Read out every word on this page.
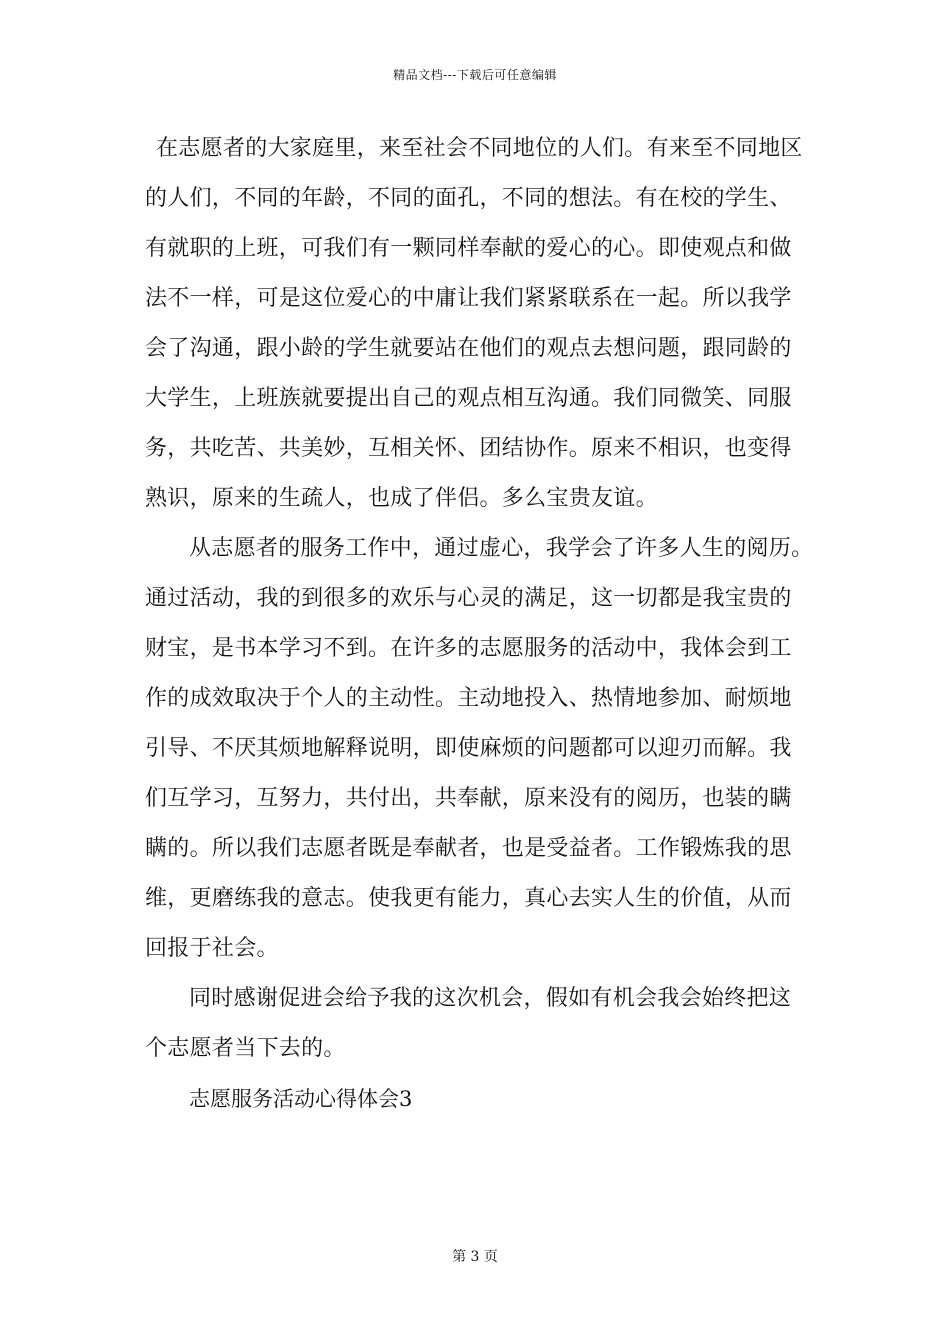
精品文档---下载后可任意编辑
在志愿者的大家庭里，来至社会不同地位的人们。有来至不同地区
的人们，不同的年龄，不同的面孔，不同的想法。有在校的学生、
有就职的上班，可我们有一颗同样奉献的爱心的心。即使观点和做
法不一样，可是这位爱心的中庸让我们紧紧联系在一起。所以我学
会了沟通，跟小龄的学生就要站在他们的观点去想问题，跟同龄的
大学生，上班族就要提出自己的观点相互沟通。我们同微笑、同服
务，共吃苦、共美妙，互相关怀、团结协作。原来不相识，也变得
熟识，原来的生疏人，也成了伴侣。多么宝贵友谊。
从志愿者的服务工作中，通过虚心，我学会了许多人生的阅历。
通过活动，我的到很多的欢乐与心灵的满足，这一切都是我宝贵的
财宝，是书本学习不到。在许多的志愿服务的活动中，我体会到工
作的成效取决于个人的主动性。主动地投入、热情地参加、耐烦地
引导、不厌其烦地解释说明，即使麻烦的问题都可以迎刃而解。我
们互学习，互努力，共付出，共奉献，原来没有的阅历，也装的瞒
瞒的。所以我们志愿者既是奉献者，也是受益者。工作锻炼我的思
维，更磨练我的意志。使我更有能力，真心去实人生的价值，从而
回报于社会。
同时感谢促进会给予我的这次机会，假如有机会我会始终把这
个志愿者当下去的。
志愿服务活动心得体会3
第 3 页
